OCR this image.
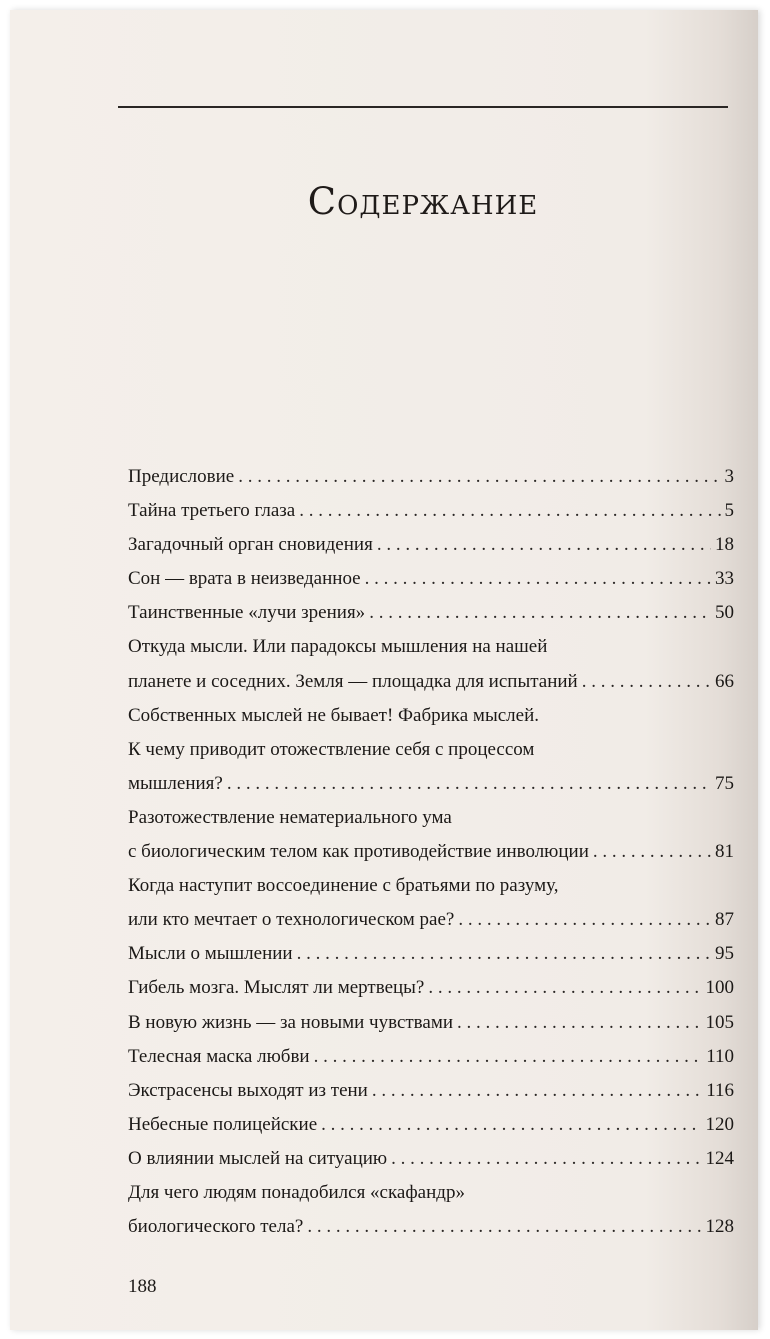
Содержание
Предисловие . . .	3
Тайна третьего глаза . . .	5
Загадочный орган сновидения . . .	18
Сон — врата в неизведанное . . .	33
Таинственные «лучи зрения» . . .	50
Откуда мысли. Или парадоксы мышления на нашей
планете и соседних. Земля — площадка для испытаний . . .	66
Собственных мыслей не бывает! Фабрика мыслей.
К чему приводит отожествление себя с процессом
мышления? . . .	75
Разотожествление нематериального ума
с биологическим телом как противодействие инволюции . . .	81
Когда наступит воссоединение с братьями по разуму,
или кто мечтает о технологическом рае? . . .	87
Мысли о мышлении . . .	95
Гибель мозга. Мыслят ли мертвецы? . . .	100
В новую жизнь — за новыми чувствами . . .	105
Телесная маска любви . . .	110
Экстрасенсы выходят из тени . . .	116
Небесные полицейские . . .	120
О влиянии мыслей на ситуацию . . .	124
Для чего людям понадобился «скафандр»
биологического тела? . . .	128
188
